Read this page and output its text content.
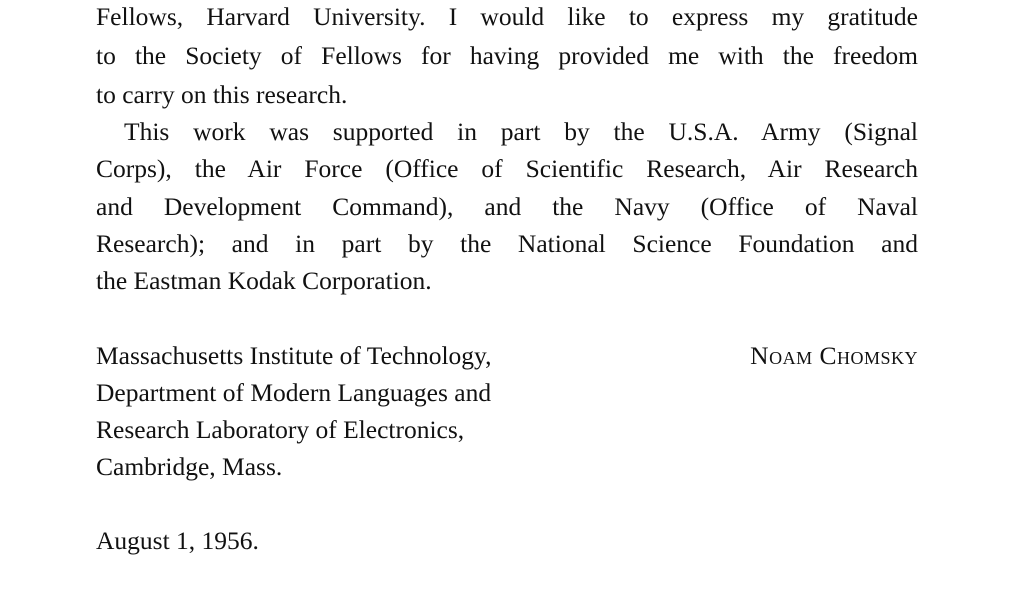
Fellows, Harvard University. I would like to express my gratitude
to the Society of Fellows for having provided me with the freedom
to carry on this research.
This work was supported in part by the U.S.A. Army (Signal
Corps), the Air Force (Office of Scientific Research, Air Research
and Development Command), and the Navy (Office of Naval
Research); and in part by the National Science Foundation and
the Eastman Kodak Corporation.
Massachusetts Institute of Technology,
Department of Modern Languages and
Research Laboratory of Electronics,
Cambridge, Mass.
Noam Chomsky
August 1, 1956.
